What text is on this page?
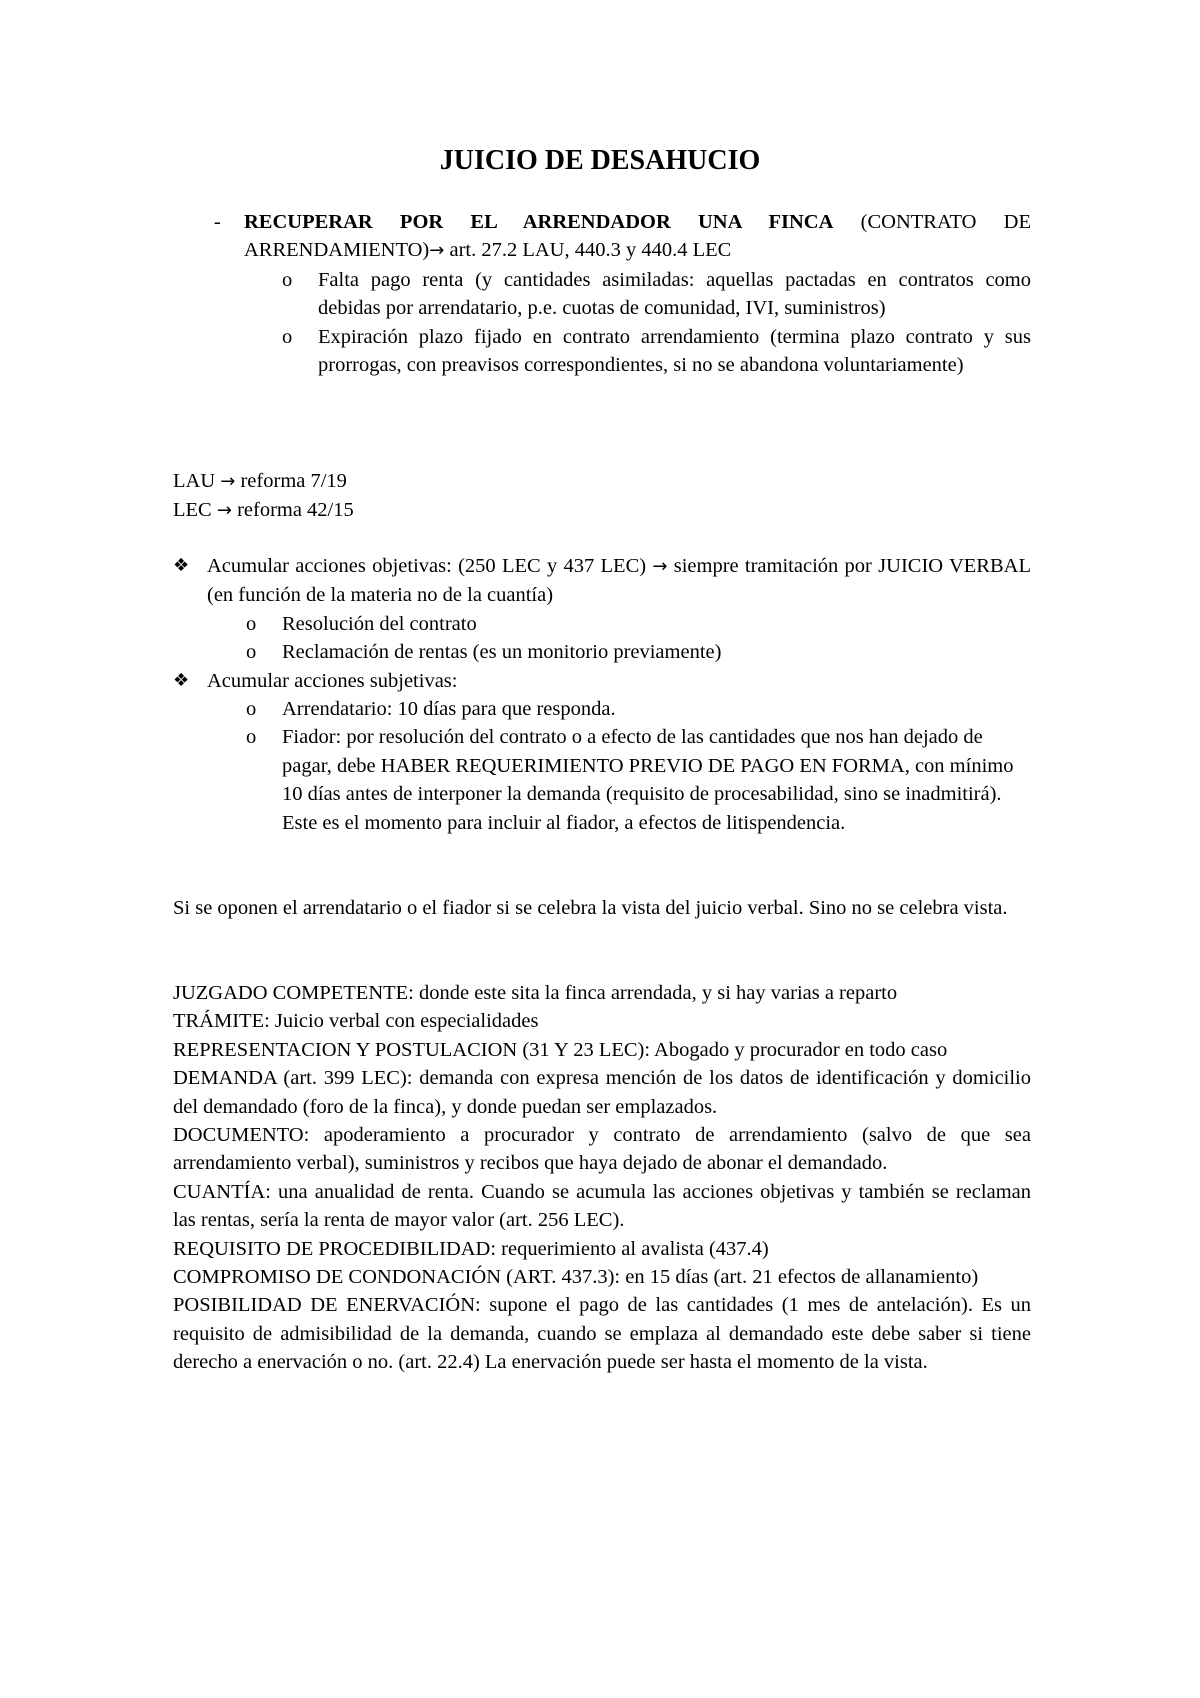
JUICIO DE DESAHUCIO
- RECUPERAR POR EL ARRENDADOR UNA FINCA (CONTRATO DE ARRENDAMIENTO)→ art. 27.2 LAU, 440.3 y 440.4 LEC
o Falta pago renta (y cantidades asimiladas: aquellas pactadas en contratos como debidas por arrendatario, p.e. cuotas de comunidad, IVI, suministros)
o Expiración plazo fijado en contrato arrendamiento (termina plazo contrato y sus prorrogas, con preavisos correspondientes, si no se abandona voluntariamente)
LAU → reforma 7/19
LEC → reforma 42/15
❖ Acumular acciones objetivas: (250 LEC y 437 LEC) → siempre tramitación por JUICIO VERBAL (en función de la materia no de la cuantía)
o Resolución del contrato
o Reclamación de rentas (es un monitorio previamente)
❖ Acumular acciones subjetivas:
o Arrendatario: 10 días para que responda.
o Fiador: por resolución del contrato o a efecto de las cantidades que nos han dejado de pagar, debe HABER REQUERIMIENTO PREVIO DE PAGO EN FORMA, con mínimo 10 días antes de interponer la demanda (requisito de procesabilidad, sino se inadmitirá). Este es el momento para incluir al fiador, a efectos de litispendencia.
Si se oponen el arrendatario o el fiador si se celebra la vista del juicio verbal. Sino no se celebra vista.
JUZGADO COMPETENTE: donde este sita la finca arrendada, y si hay varias a reparto
TRÁMITE: Juicio verbal con especialidades
REPRESENTACION Y POSTULACION (31 Y 23 LEC): Abogado y procurador en todo caso
DEMANDA (art. 399 LEC): demanda con expresa mención de los datos de identificación y domicilio del demandado (foro de la finca), y donde puedan ser emplazados.
DOCUMENTO: apoderamiento a procurador y contrato de arrendamiento (salvo de que sea arrendamiento verbal), suministros y recibos que haya dejado de abonar el demandado.
CUANTÍA: una anualidad de renta. Cuando se acumula las acciones objetivas y también se reclaman las rentas, sería la renta de mayor valor (art. 256 LEC).
REQUISITO DE PROCEDIBILIDAD: requerimiento al avalista (437.4)
COMPROMISO DE CONDONACIÓN (ART. 437.3): en 15 días (art. 21 efectos de allanamiento)
POSIBILIDAD DE ENERVACIÓN: supone el pago de las cantidades (1 mes de antelación). Es un requisito de admisibilidad de la demanda, cuando se emplaza al demandado este debe saber si tiene derecho a enervación o no. (art. 22.4) La enervación puede ser hasta el momento de la vista.
